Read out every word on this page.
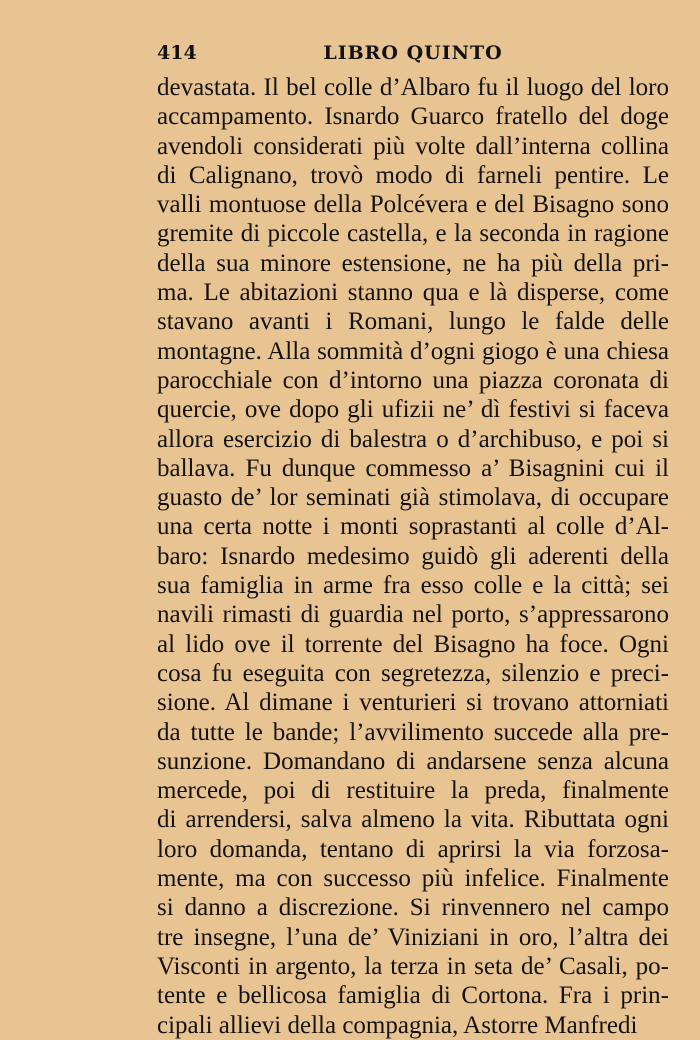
414	LIBRO QUINTO
devastata. Il bel colle d’Albaro fu il luogo del loro
accampamento. Isnardo Guarco fratello del doge
avendoli considerati più volte dall’interna collina
di Calignano, trovò modo di farneli pentire. Le
valli montuose della Polcévera e del Bisagno sono
gremite di piccole castella, e la seconda in ragione
della sua minore estensione, ne ha più della pri-
ma. Le abitazioni stanno qua e là disperse, come
stavano avanti i Romani, lungo le falde delle
montagne. Alla sommità d’ogni giogo è una chiesa
parocchiale con d’intorno una piazza coronata di
quercie, ove dopo gli ufizii ne’ dì festivi si faceva
allora esercizio di balestra o d’archibuso, e poi si
ballava. Fu dunque commesso a’ Bisagnini cui il
guasto de’ lor seminati già stimolava, di occupare
una certa notte i monti soprastanti al colle d’Al-
baro: Isnardo medesimo guidò gli aderenti della
sua famiglia in arme fra esso colle e la città; sei
navili rimasti di guardia nel porto, s’appressarono
al lido ove il torrente del Bisagno ha foce. Ogni
cosa fu eseguita con segretezza, silenzio e preci-
sione. Al dimane i venturieri si trovano attorniati
da tutte le bande; l’avvilimento succede alla pre-
sunzione. Domandano di andarsene senza alcuna
mercede, poi di restituire la preda, finalmente
di arrendersi, salva almeno la vita. Ributtata ogni
loro domanda, tentano di aprirsi la via forzosa-
mente, ma con successo più infelice. Finalmente
si danno a discrezione. Si rinvennero nel campo
tre insegne, l’una de’ Viniziani in oro, l’altra dei
Visconti in argento, la terza in seta de’ Casali, po-
tente e bellicosa famiglia di Cortona. Fra i prin-
cipali allievi della compagnia, Astorre Manfredi
